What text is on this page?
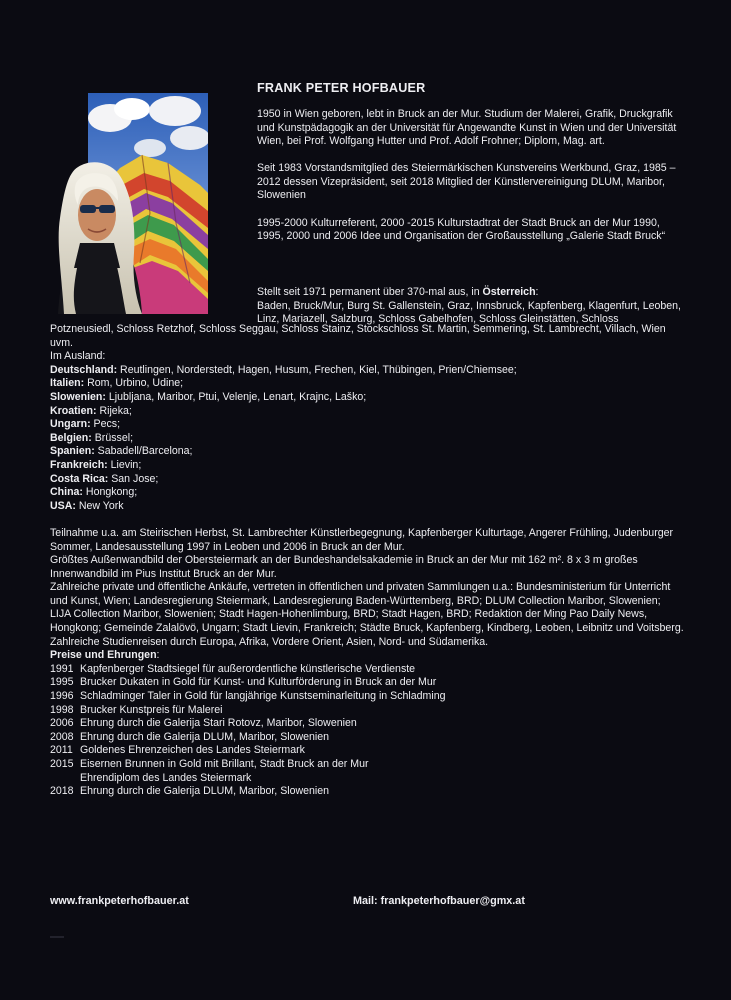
FRANK PETER HOFBAUER

1950 in Wien geboren, lebt in Bruck an der Mur. Studium der Malerei, Grafik, Druckgrafik und Kunstpädagogik an der Universität für Angewandte Kunst in Wien und der Universität Wien, bei Prof. Wolfgang Hutter und Prof. Adolf Frohner; Diplom, Mag. art.

Seit 1983 Vorstandsmitglied des Steiermärkischen Kunstvereins Werkbund, Graz, 1985 – 2012 dessen Vizepräsident, seit 2018 Mitglied der Künstlervereinigung DLUM, Maribor, Slowenien

1995-2000 Kulturreferent, 2000 -2015 Kulturstadtrat der Stadt Bruck an der Mur 1990, 1995, 2000 und 2006 Idee und Organisation der Großausstellung „Galerie Stadt Bruck“

Stellt seit 1971 permanent über 370-mal aus, in Österreich:
Baden, Bruck/Mur, Burg St. Gallenstein, Graz, Innsbruck, Kapfenberg, Klagenfurt, Leoben, Linz, Mariazell, Salzburg, Schloss Gabelhofen, Schloss Gleinstätten, Schloss

Potzneusiedl, Schloss Retzhof, Schloss Seggau, Schloss Stainz, Stockschloss St. Martin, Semmering, St. Lambrecht, Villach, Wien uvm.

Im Ausland:

Deutschland: Reutlingen, Norderstedt, Hagen, Husum, Frechen, Kiel, Thübingen, Prien/Chiemsee;
Italien: Rom, Urbino, Udine;
Slowenien: Ljubljana, Maribor, Ptui, Velenje, Lenart, Krajnc, Laško;
Kroatien: Rijeka;
Ungarn: Pecs;
Belgien: Brüssel;
Spanien: Sabadell/Barcelona;
Frankreich: Lievin;
Costa Rica: San Jose;
China: Hongkong;
USA: New York

Teilnahme u.a. am Steirischen Herbst, St. Lambrechter Künstlerbegegnung, Kapfenberger Kulturtage, Angerer Frühling, Judenburger Sommer, Landesausstellung 1997 in Leoben und 2006 in Bruck an der Mur.

Größtes Außenwandbild der Obersteiermark an der Bundeshandelsakademie in Bruck an der Mur mit 162 m². 8 x 3 m großes Innenwandbild im Pius Institut Bruck an der Mur.

Zahlreiche private und öffentliche Ankäufe, vertreten in öffentlichen und privaten Sammlungen u.a.: Bundesministerium für Unterricht und Kunst, Wien; Landesregierung Steiermark, Landesregierung Baden-Württemberg, BRD; DLUM Collection Maribor, Slowenien; LIJA Collection Maribor, Slowenien; Stadt Hagen-Hohenlimburg, BRD; Stadt Hagen, BRD; Redaktion der Ming Pao Daily News, Hongkong; Gemeinde Zalalövö, Ungarn; Stadt Lievin, Frankreich; Städte Bruck, Kapfenberg, Kindberg, Leoben, Leibnitz und Voitsberg.

Zahlreiche Studienreisen durch Europa, Afrika, Vordere Orient, Asien, Nord- und Südamerika.

Preise und Ehrungen:

1991 Kapfenberger Stadtsiegel für außerordentliche künstlerische Verdienste
1995 Brucker Dukaten in Gold für Kunst- und Kulturförderung in Bruck an der Mur
1996 Schladminger Taler in Gold für langjährige Kunstseminarleitung in Schladming
1998 Brucker Kunstpreis für Malerei
2006 Ehrung durch die Galerija Stari Rotovz, Maribor, Slowenien
2008 Ehrung durch die Galerija DLUM, Maribor, Slowenien
2011 Goldenes Ehrenzeichen des Landes Steiermark
2015 Eisernen Brunnen in Gold mit Brillant, Stadt Bruck an der Mur
Ehrendiplom des Landes Steiermark
2018 Ehrung durch die Galerija DLUM, Maribor, Slowenien
www.frankpeterhofbauer.at	Mail: frankpeterhofbauer@gmx.at
